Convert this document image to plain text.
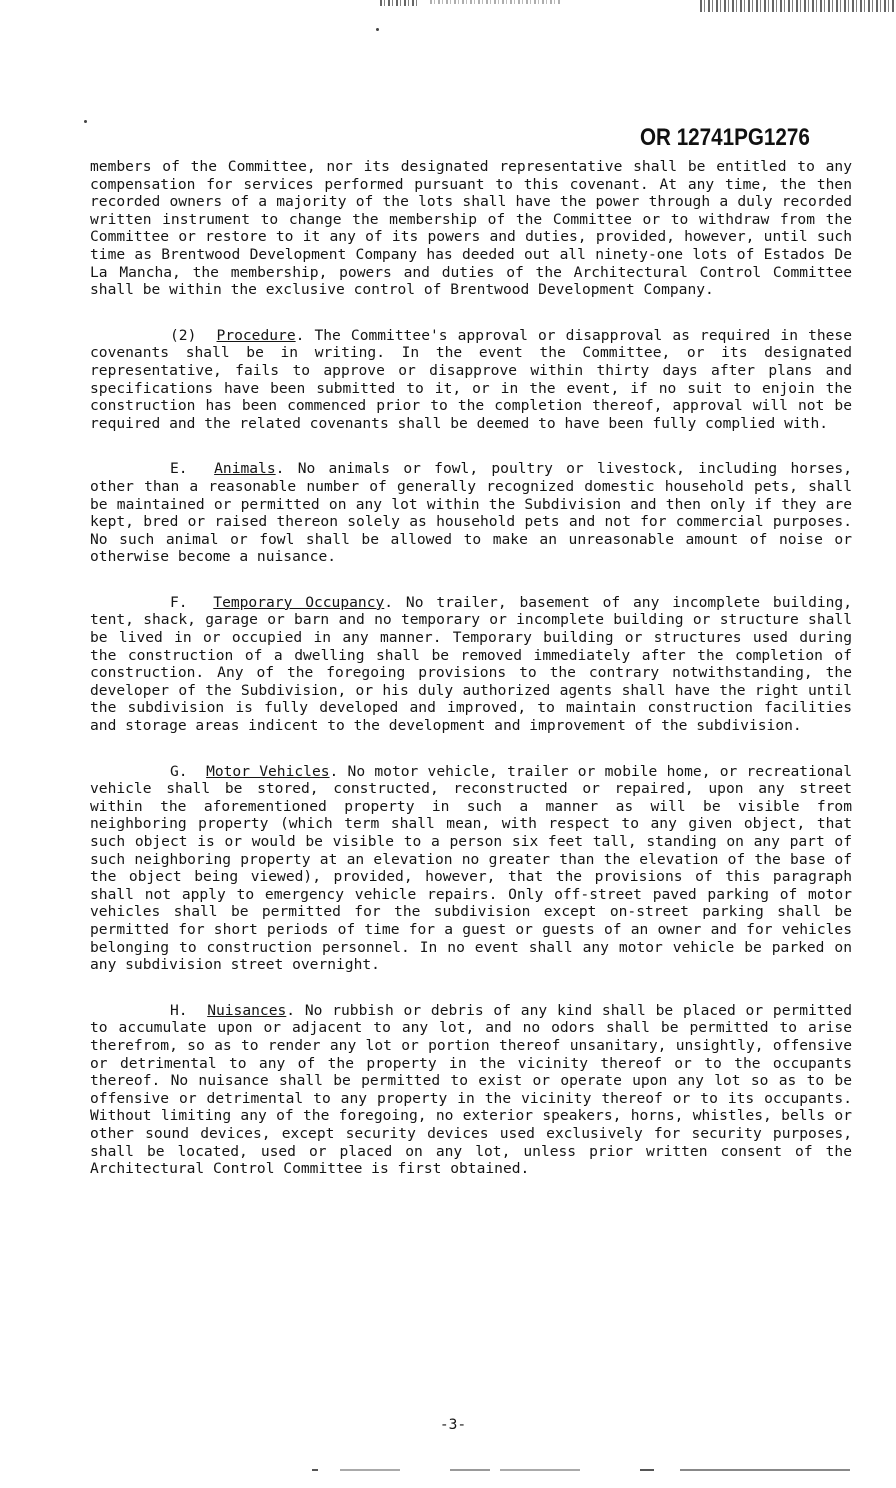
OR 12741PG1276

members of the Committee, nor its designated representative shall be entitled to any compensation for services performed pursuant to this covenant. At any time, the then recorded owners of a majority of the lots shall have the power through a duly recorded written instrument to change the membership of the Committee or to withdraw from the Committee or restore to it any of its powers and duties, provided, however, until such time as Brentwood Development Company has deeded out all ninety-one lots of Estados De La Mancha, the membership, powers and duties of the Architectural Control Committee shall be within the exclusive control of Brentwood Development Company.

(2) Procedure. The Committee's approval or disapproval as required in these covenants shall be in writing. In the event the Committee, or its designated representative, fails to approve or disapprove within thirty days after plans and specifications have been submitted to it, or in the event, if no suit to enjoin the construction has been commenced prior to the completion thereof, approval will not be required and the related covenants shall be deemed to have been fully complied with.

E. Animals. No animals or fowl, poultry or livestock, including horses, other than a reasonable number of generally recognized domestic household pets, shall be maintained or permitted on any lot within the Subdivision and then only if they are kept, bred or raised thereon solely as household pets and not for commercial purposes. No such animal or fowl shall be allowed to make an unreasonable amount of noise or otherwise become a nuisance.

F. Temporary Occupancy. No trailer, basement of any incomplete building, tent, shack, garage or barn and no temporary or incomplete building or structure shall be lived in or occupied in any manner. Temporary building or structures used during the construction of a dwelling shall be removed immediately after the completion of construction. Any of the foregoing provisions to the contrary notwithstanding, the developer of the Subdivision, or his duly authorized agents shall have the right until the subdivision is fully developed and improved, to maintain construction facilities and storage areas indicent to the development and improvement of the subdivision.

G. Motor Vehicles. No motor vehicle, trailer or mobile home, or recreational vehicle shall be stored, constructed, reconstructed or repaired, upon any street within the aforementioned property in such a manner as will be visible from neighboring property (which term shall mean, with respect to any given object, that such object is or would be visible to a person six feet tall, standing on any part of such neighboring property at an elevation no greater than the elevation of the base of the object being viewed), provided, however, that the provisions of this paragraph shall not apply to emergency vehicle repairs. Only off-street paved parking of motor vehicles shall be permitted for the subdivision except on-street parking shall be permitted for short periods of time for a guest or guests of an owner and for vehicles belonging to construction personnel. In no event shall any motor vehicle be parked on any subdivision street overnight.

H. Nuisances. No rubbish or debris of any kind shall be placed or permitted to accumulate upon or adjacent to any lot, and no odors shall be permitted to arise therefrom, so as to render any lot or portion thereof unsanitary, unsightly, offensive or detrimental to any of the property in the vicinity thereof or to the occupants thereof. No nuisance shall be permitted to exist or operate upon any lot so as to be offensive or detrimental to any property in the vicinity thereof or to its occupants. Without limiting any of the foregoing, no exterior speakers, horns, whistles, bells or other sound devices, except security devices used exclusively for security purposes, shall be located, used or placed on any lot, unless prior written consent of the Architectural Control Committee is first obtained.

-3-
